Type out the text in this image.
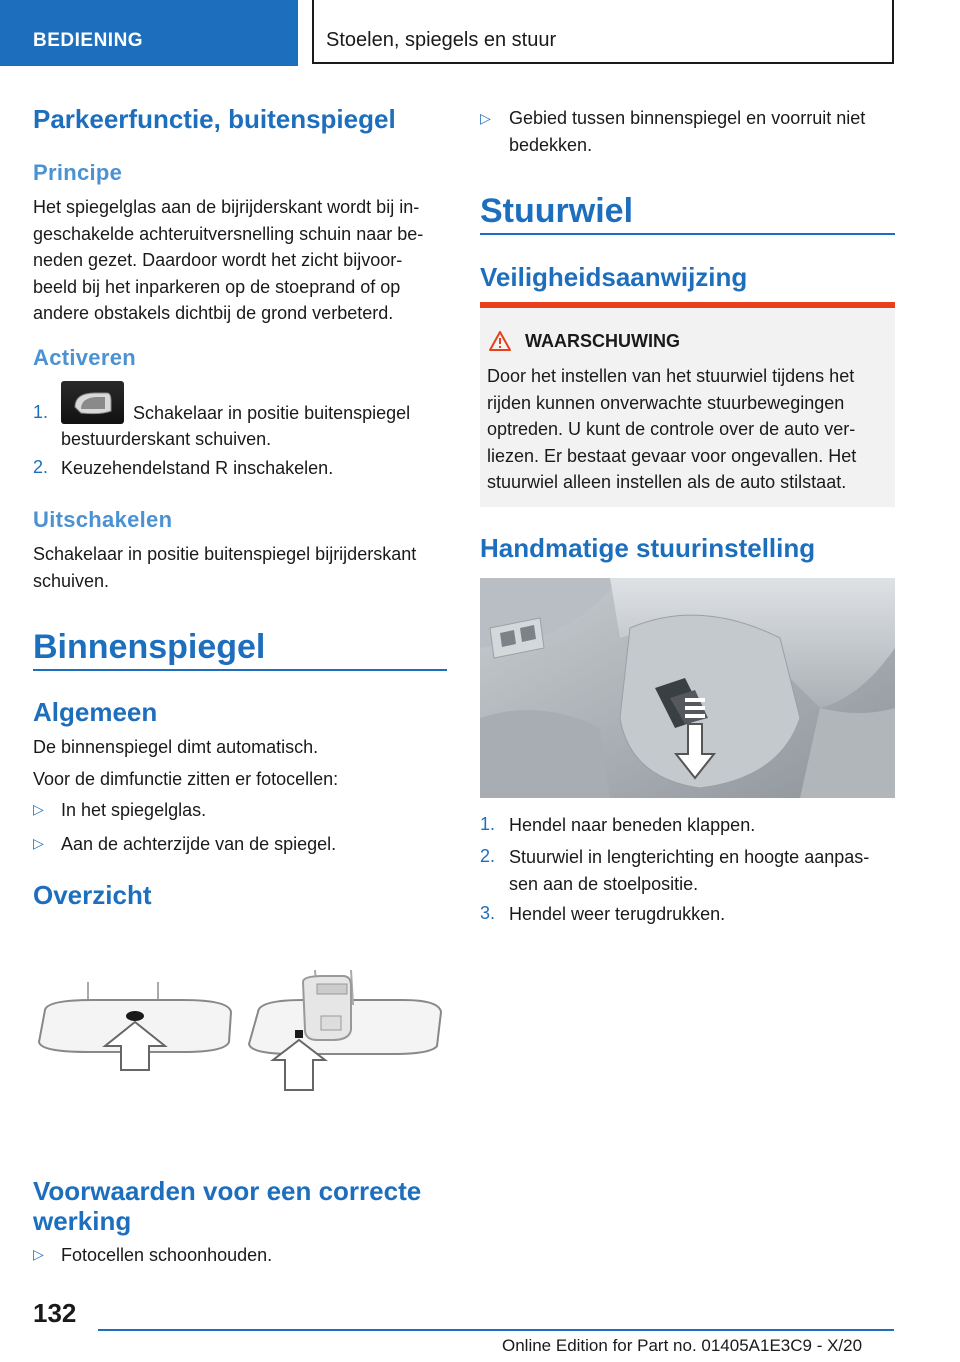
BEDIENING	Stoelen, spiegels en stuur
Parkeerfunctie, buitenspiegel
Principe
Het spiegelglas aan de bijrijderskant wordt bij in-
geschakelde achteruitversnelling schuin naar be-
neden gezet. Daardoor wordt het zicht bijvoor-
beeld bij het inparkeren op de stoeprand of op
andere obstakels dichtbij de grond verbeterd.
Activeren
1.	Schakelaar in positie buitenspiegel
bestuurderskant schuiven.
2. Keuzehendelstand R inschakelen.
Uitschakelen
Schakelaar in positie buitenspiegel bijrijderskant
schuiven.
Binnenspiegel
Algemeen
De binnenspiegel dimt automatisch.
Voor de dimfunctie zitten er fotocellen:
▷ In het spiegelglas.
▷ Aan de achterzijde van de spiegel.
Overzicht
Voorwaarden voor een correcte
werking
▷ Fotocellen schoonhouden.
▷ Gebied tussen binnenspiegel en voorruit niet
bedekken.
Stuurwiel
Veiligheidsaanwijzing
WAARSCHUWING
Door het instellen van het stuurwiel tijdens het
rijden kunnen onverwachte stuurbewegingen
optreden. U kunt de controle over de auto ver-
liezen. Er bestaat gevaar voor ongevallen. Het
stuurwiel alleen instellen als de auto stilstaat.
Handmatige stuurinstelling
1. Hendel naar beneden klappen.
2. Stuurwiel in lengterichting en hoogte aanpas-
sen aan de stoelpositie.
3. Hendel weer terugdrukken.
132
Online Edition for Part no. 01405A1E3C9 - X/20
